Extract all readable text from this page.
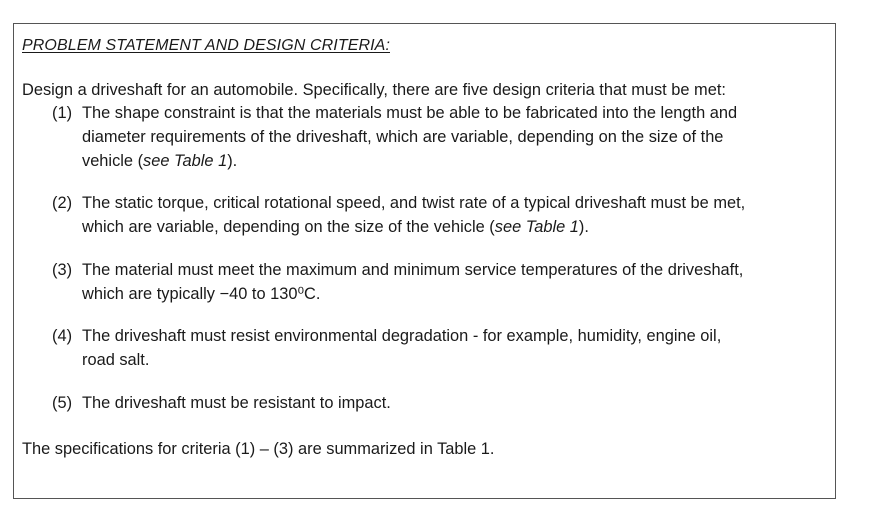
PROBLEM STATEMENT AND DESIGN CRITERIA:
Design a driveshaft for an automobile. Specifically, there are five design criteria that must be met:
(1) The shape constraint is that the materials must be able to be fabricated into the length and
diameter requirements of the driveshaft, which are variable, depending on the size of the
vehicle (see Table 1).
(2) The static torque, critical rotational speed, and twist rate of a typical driveshaft must be met,
which are variable, depending on the size of the vehicle (see Table 1).
(3) The material must meet the maximum and minimum service temperatures of the driveshaft,
which are typically −40 to 130⁰C.
(4) The driveshaft must resist environmental degradation - for example, humidity, engine oil,
road salt.
(5) The driveshaft must be resistant to impact.
The specifications for criteria (1) – (3) are summarized in Table 1.
